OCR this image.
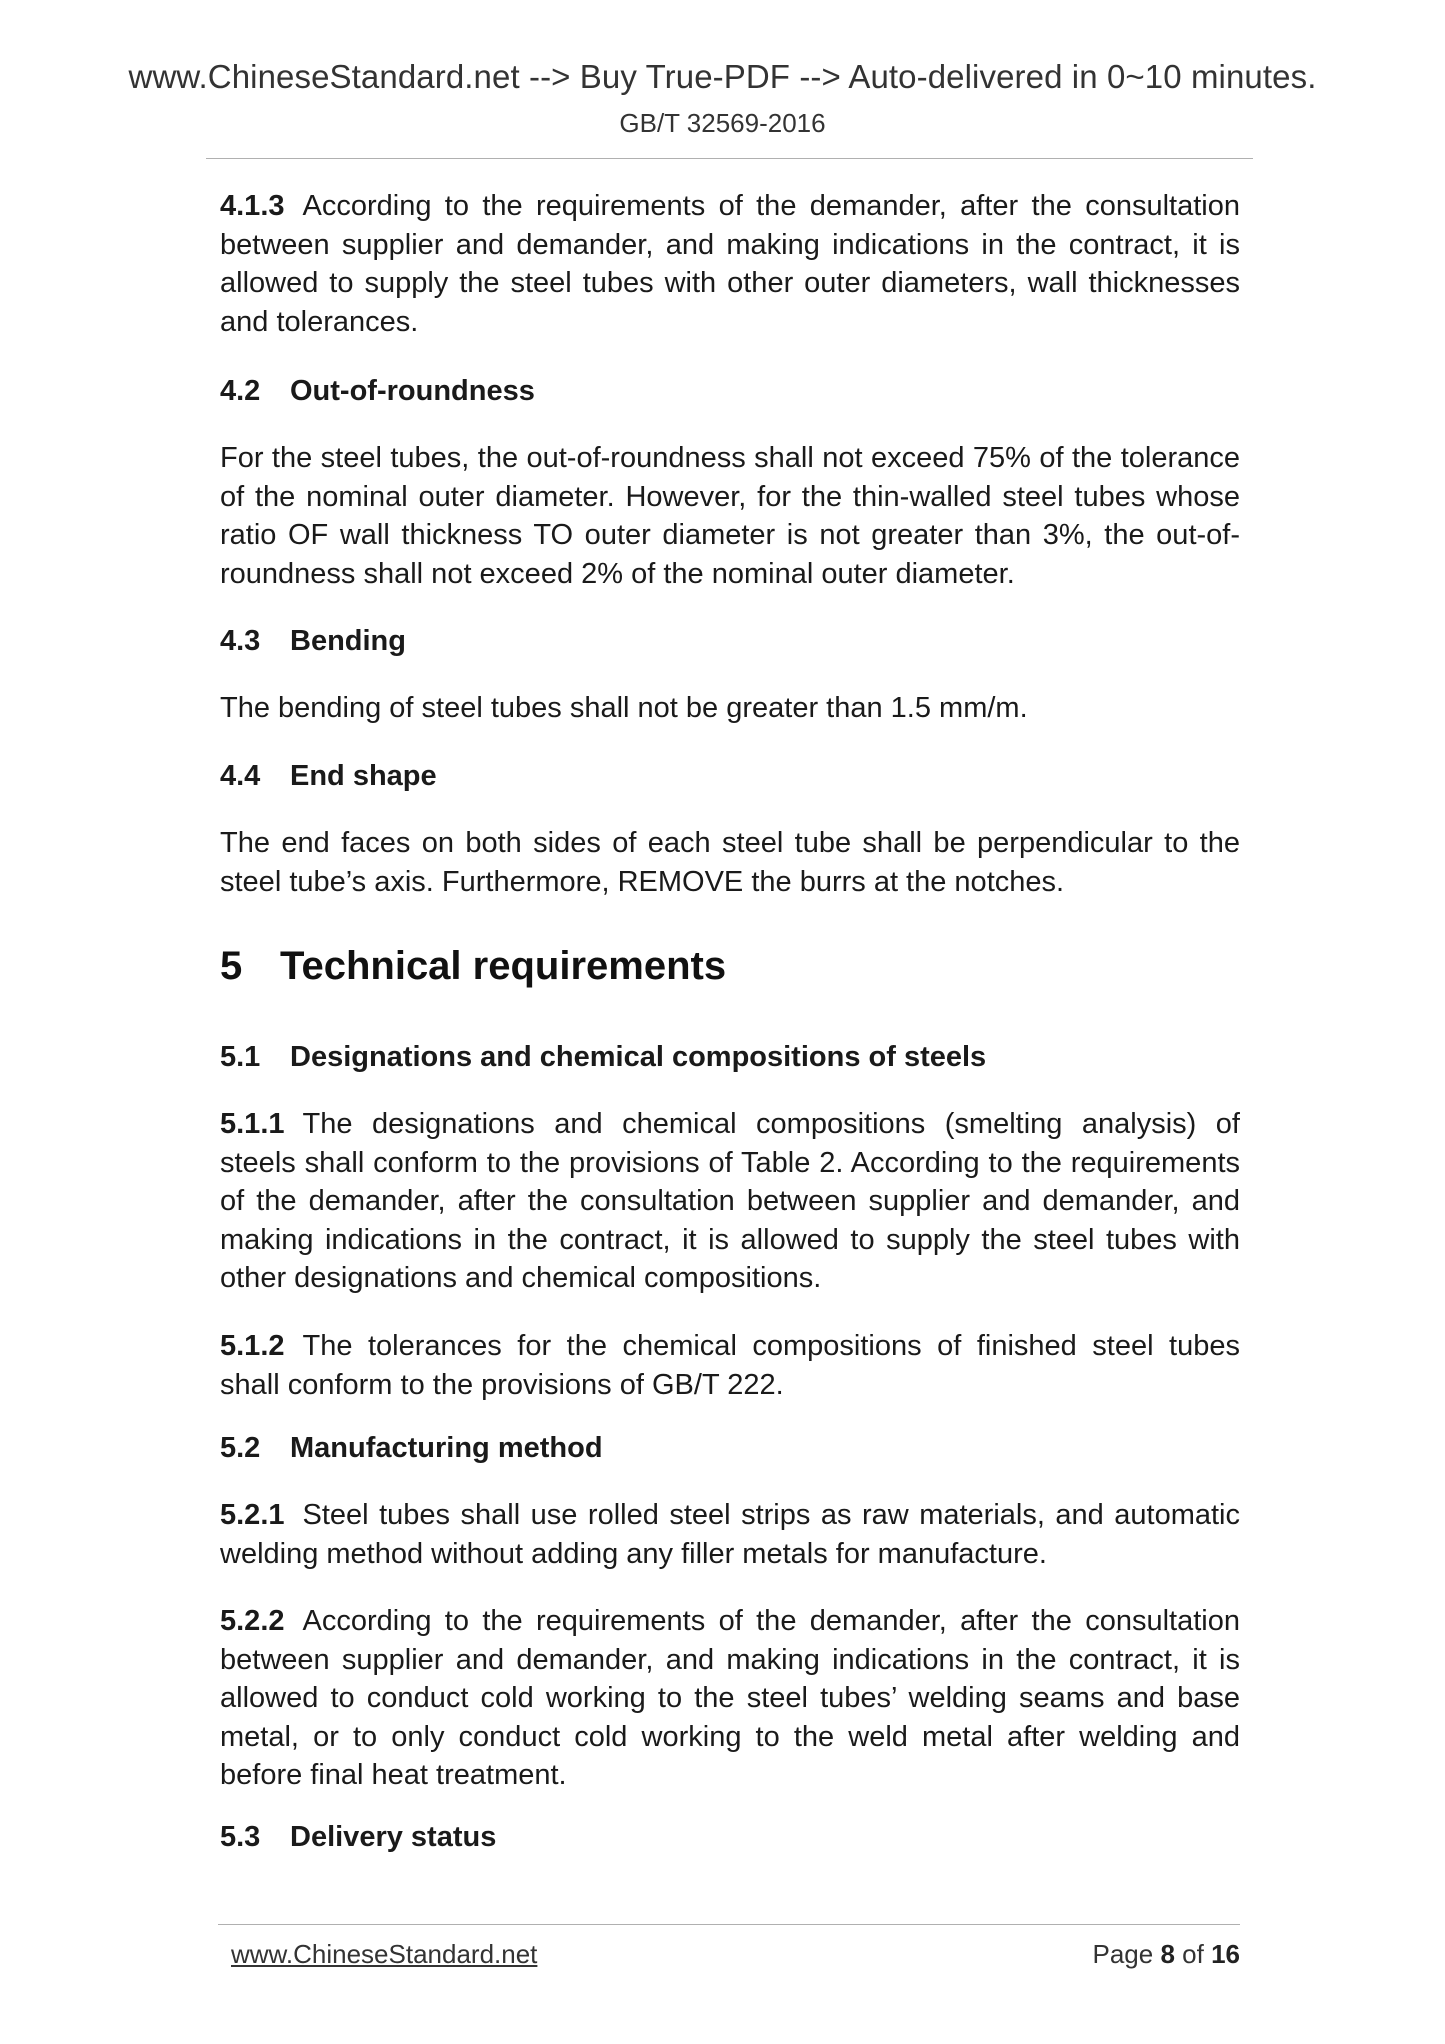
www.ChineseStandard.net --> Buy True-PDF --> Auto-delivered in 0~10 minutes.
GB/T 32569-2016

4.1.3 According to the requirements of the demander, after the consultation between supplier and demander, and making indications in the contract, it is allowed to supply the steel tubes with other outer diameters, wall thicknesses and tolerances.

4.2 Out-of-roundness

For the steel tubes, the out-of-roundness shall not exceed 75% of the tolerance of the nominal outer diameter. However, for the thin-walled steel tubes whose ratio OF wall thickness TO outer diameter is not greater than 3%, the out-of-roundness shall not exceed 2% of the nominal outer diameter.

4.3 Bending

The bending of steel tubes shall not be greater than 1.5 mm/m.

4.4 End shape

The end faces on both sides of each steel tube shall be perpendicular to the steel tube’s axis. Furthermore, REMOVE the burrs at the notches.

5 Technical requirements
5.1 Designations and chemical compositions of steels

5.1.1 The designations and chemical compositions (smelting analysis) of steels shall conform to the provisions of Table 2. According to the requirements of the demander, after the consultation between supplier and demander, and making indications in the contract, it is allowed to supply the steel tubes with other designations and chemical compositions.

5.1.2 The tolerances for the chemical compositions of finished steel tubes shall conform to the provisions of GB/T 222.

5.2 Manufacturing method

5.2.1 Steel tubes shall use rolled steel strips as raw materials, and automatic welding method without adding any filler metals for manufacture.

5.2.2 According to the requirements of the demander, after the consultation between supplier and demander, and making indications in the contract, it is allowed to conduct cold working to the steel tubes’ welding seams and base metal, or to only conduct cold working to the weld metal after welding and before final heat treatment.

5.3 Delivery status
www.ChineseStandard.net	Page 8 of 16
